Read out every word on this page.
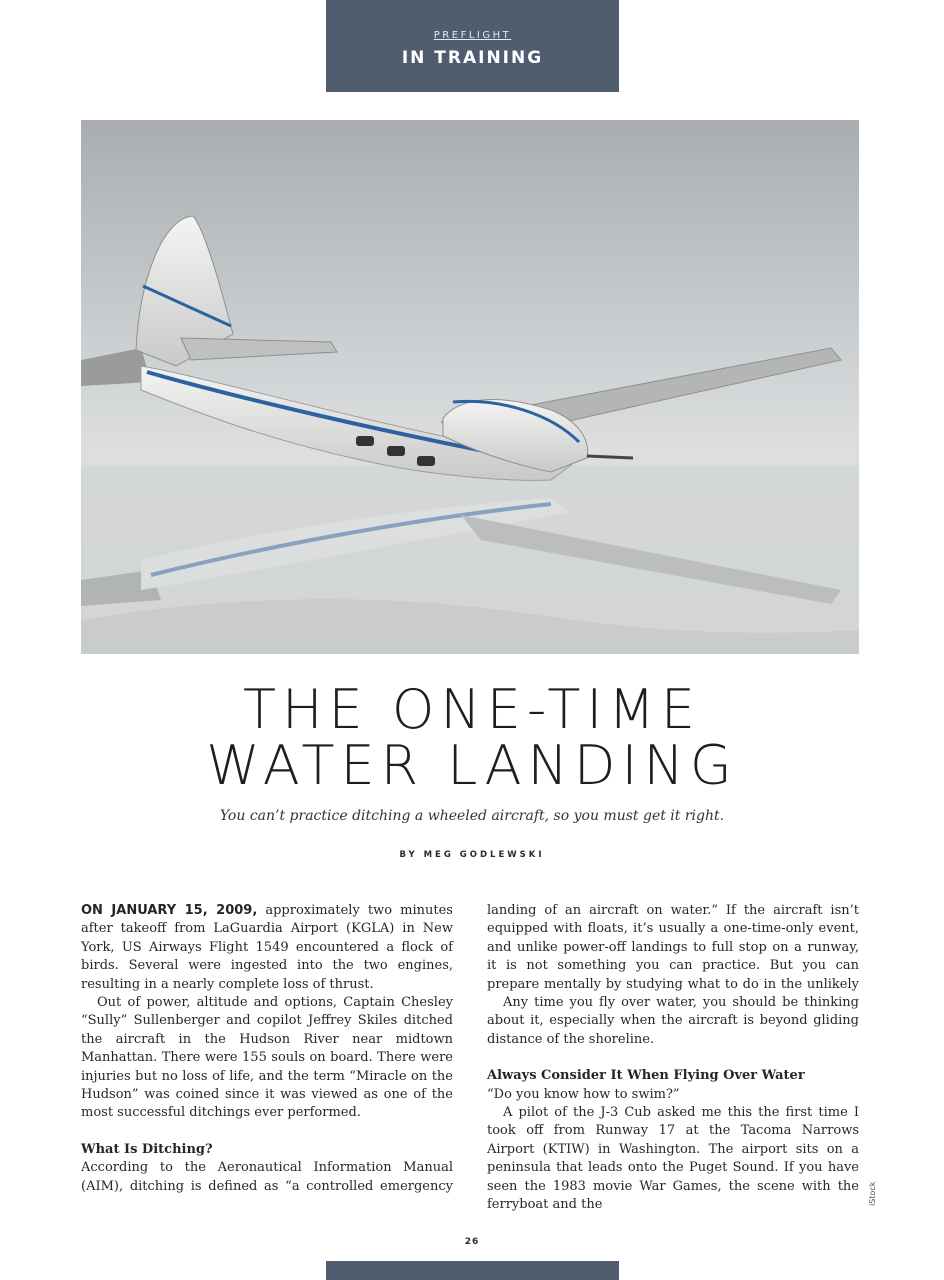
PREFLIGHT
IN TRAINING
THE ONE-TIME
WATER LANDING
You can’t practice ditching a wheeled aircraft, so you must get it right.
BY MEG GODLEWSKI

ON JANUARY 15, 2009, approximately two minutes after takeoff from LaGuardia Airport (KGLA) in New York, US Airways Flight 1549 encountered a flock of birds. Several were ingested into the two engines, resulting in a nearly complete loss of thrust.

Out of power, altitude and options, Captain Chesley “Sully” Sullenberger and copilot Jeffrey Skiles ditched the aircraft in the Hudson River near midtown Manhattan. There were 155 souls on board. There were injuries but no loss of life, and the term “Miracle on the Hudson” was coined since it was viewed as one of the most successful ditchings ever performed.

What Is Ditching?

According to the Aeronautical Information Manual (AIM), ditching is defined as “a controlled emergency

landing of an aircraft on water.” If the aircraft isn’t equipped with floats, it’s usually a one-time-only event, and unlike power-off landings to full stop on a runway, it is not something you can practice. But you can prepare mentally by studying what to do in the unlikely

Any time you fly over water, you should be thinking about it, especially when the aircraft is beyond gliding distance of the shoreline.

Always Consider It When Flying Over Water

“Do you know how to swim?”

A pilot of the J-3 Cub asked me this the first time I took off from Runway 17 at the Tacoma Narrows Airport (KTIW) in Washington. The airport sits on a peninsula that leads onto the Puget Sound. If you have seen the 1983 movie War Games, the scene with the ferryboat and the	iStock
26
